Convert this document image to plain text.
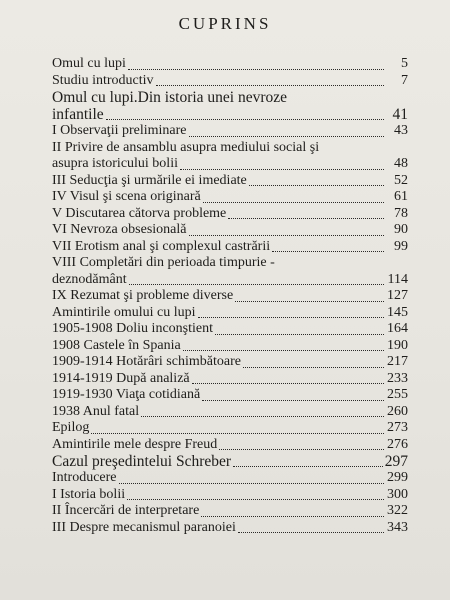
CUPRINS
Omul cu lupi	5
Studiu introductiv	7
Omul cu lupi.Din istoria unei nevroze
infantile	41
I Observaţii preliminare	43
II Privire de ansamblu asupra mediului social şi
asupra istoricului bolii	48
III Seducţia şi urmările ei imediate	52
IV Visul şi scena originară	61
V Discutarea cătorva probleme	78
VI Nevroza obsesională	90
VII Erotism anal şi complexul castrării	99
VIII Completări din perioada timpurie -
deznodământ	114
IX Rezumat şi probleme diverse	127
Amintirile omului cu lupi	145
1905-1908 Doliu inconştient	164
1908 Castele în Spania	190
1909-1914 Hotărâri schimbătoare	217
1914-1919 După analiză	233
1919-1930 Viaţa cotidiană	255
1938 Anul fatal	260
Epilog	273
Amintirile mele despre Freud	276
Cazul preşedintelui Schreber	297
Introducere	299
I Istoria bolii	300
II Încercări de interpretare	322
III Despre mecanismul paranoiei	343
